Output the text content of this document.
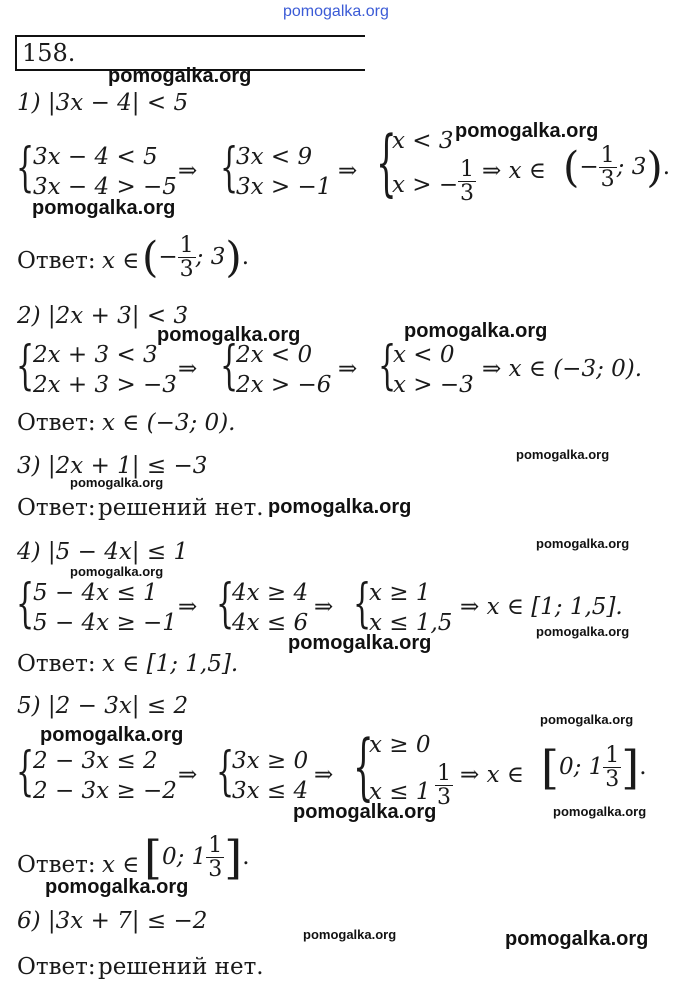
pomogalka.org
158.
pomogalka.org
1) |3x − 4| < 5
{
3x − 4 < 5
3x − 4 > −5
⇒ {
3x < 9
3x > −1
⇒ {
x < 3
x > − $\frac{1}{3}$ ⇒ x ∈ (− $\frac{1}{3}$ ; 3).
pomogalka.org
pomogalka.org
Ответ: x ∈ (− $\frac{1}{3}$ ; 3).
2) |2x + 3| < 3
pomogalka.org	pomogalka.org
{
2x + 3 < 3
2x + 3 > −3
⇒ {
2x < 0
2x > −6
⇒ {
x < 0
x > −3
⇒ x ∈ (−3; 0).
Ответ: x ∈ (−3; 0).
3) |2x + 1| ≤ −3	pomogalka.org
pomogalka.org
Ответ: решений нет. pomogalka.org
4) |5 − 4x| ≤ 1	pomogalka.org
pomogalka.org
{
5 − 4x ≤ 1
5 − 4x ≥ −1
⇒ {
4x ≥ 4
4x ≤ 6
⇒ {
x ≥ 1
x ≤ 1,5
⇒ x ∈ [1; 1,5].
pomogalka.org
pomogalka.org
Ответ: x ∈ [1; 1,5].
5) |2 − 3x| ≤ 2
pomogalka.org
pomogalka.org
{
2 − 3x ≤ 2
2 − 3x ≥ −2
⇒ {
3x ≥ 0
3x ≤ 4
⇒ {
x ≥ 0
$x \le 1 \frac{1}{3}$ ⇒ x ∈ [0; $1 \frac{1}{3}$ ].
pomogalka.org	pomogalka.org
Ответ: x ∈ [0; $1 \frac{1}{3}$ ].
pomogalka.org
6) |3x + 7| ≤ −2
pomogalka.org	pomogalka.org
Ответ: решений нет.
